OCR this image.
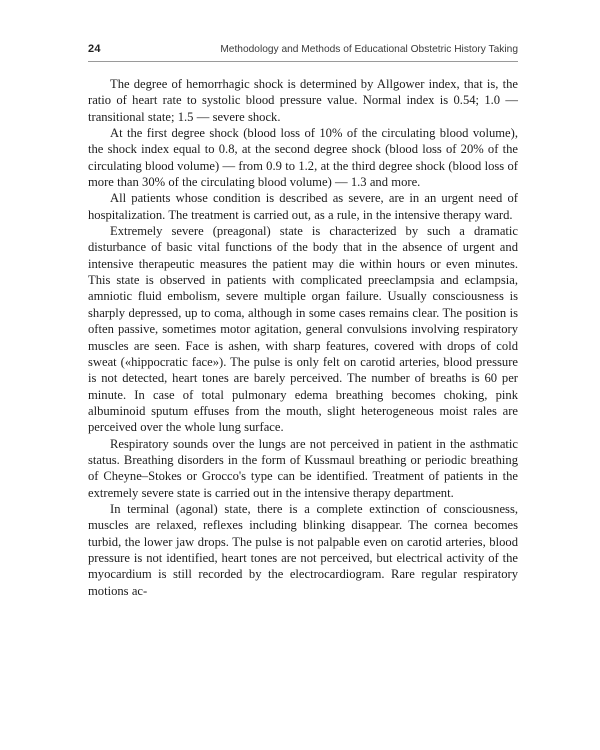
24	Methodology and Methods of Educational Obstetric History Taking

The degree of hemorrhagic shock is determined by Allgower index, that is, the ratio of heart rate to systolic blood pressure value. Normal index is 0.54; 1.0 — transitional state; 1.5 — severe shock.

At the first degree shock (blood loss of 10% of the circulating blood volume), the shock index equal to 0.8, at the second degree shock (blood loss of 20% of the circulating blood volume) — from 0.9 to 1.2, at the third degree shock (blood loss of more than 30% of the circulating blood volume) — 1.3 and more.

All patients whose condition is described as severe, are in an urgent need of hospitalization. The treatment is carried out, as a rule, in the intensive therapy ward.

Extremely severe (preagonal) state is characterized by such a dramatic disturbance of basic vital functions of the body that in the absence of urgent and intensive therapeutic measures the patient may die within hours or even minutes. This state is observed in patients with complicated preeclampsia and eclampsia, amniotic fluid embolism, severe multiple organ failure. Usually consciousness is sharply depressed, up to coma, although in some cases remains clear. The position is often passive, sometimes motor agitation, general convulsions involving respiratory muscles are seen. Face is ashen, with sharp features, covered with drops of cold sweat («hippocratic face»). The pulse is only felt on carotid arteries, blood pressure is not detected, heart tones are barely perceived. The number of breaths is 60 per minute. In case of total pulmonary edema breathing becomes choking, pink albuminoid sputum effuses from the mouth, slight heterogeneous moist rales are perceived over the whole lung surface.

Respiratory sounds over the lungs are not perceived in patient in the asthmatic status. Breathing disorders in the form of Kussmaul breathing or periodic breathing of Cheyne–Stokes or Grocco's type can be identified. Treatment of patients in the extremely severe state is carried out in the intensive therapy department.

In terminal (agonal) state, there is a complete extinction of consciousness, muscles are relaxed, reflexes including blinking disappear. The cornea becomes turbid, the lower jaw drops. The pulse is not palpable even on carotid arteries, blood pressure is not identified, heart tones are not perceived, but electrical activity of the myocardium is still recorded by the electrocardiogram. Rare regular respiratory motions ac-
